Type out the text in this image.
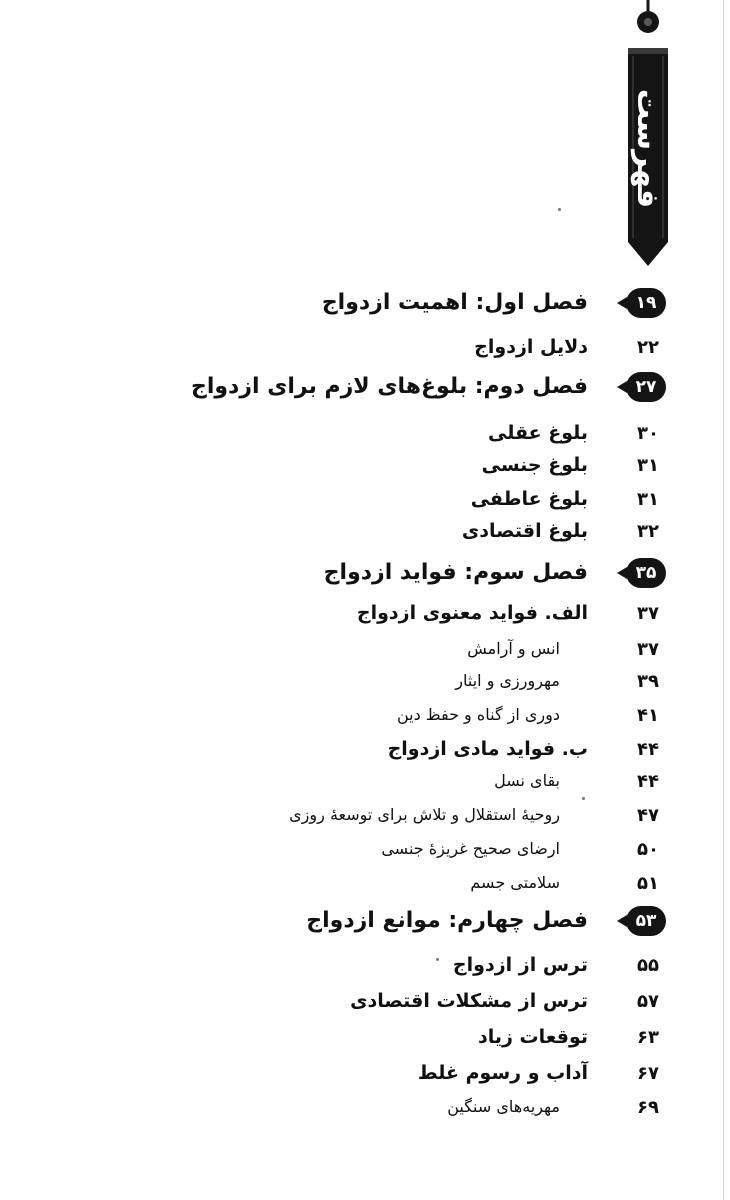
فهرست
۱۹
فصل اول: اهمیت ازدواج
۲۲
دلایل ازدواج
۲۷
فصل دوم: بلوغ‌های لازم برای ازدواج
۳۰
بلوغ عقلی
۳۱
بلوغ جنسی
۳۱
بلوغ عاطفی
۳۲
بلوغ اقتصادی
۳۵
فصل سوم: فواید ازدواج
۳۷
الف. فواید معنوی ازدواج
۳۷
انس و آرامش
۳۹
مهرورزی و ایثار
۴۱
دوری از گناه و حفظ دین
۴۴
ب. فواید مادی ازدواج
۴۴
بقای نسل
۴۷
روحیهٔ استقلال و تلاش برای توسعهٔ روزی
۵۰
ارضای صحیح غریزهٔ جنسی
۵۱
سلامتی جسم
۵۳
فصل چهارم: موانع ازدواج
۵۵
ترس از ازدواج
۵۷
ترس از مشکلات اقتصادی
۶۳
توقعات زیاد
۶۷
آداب و رسوم غلط
۶۹
مهریه‌های سنگین
